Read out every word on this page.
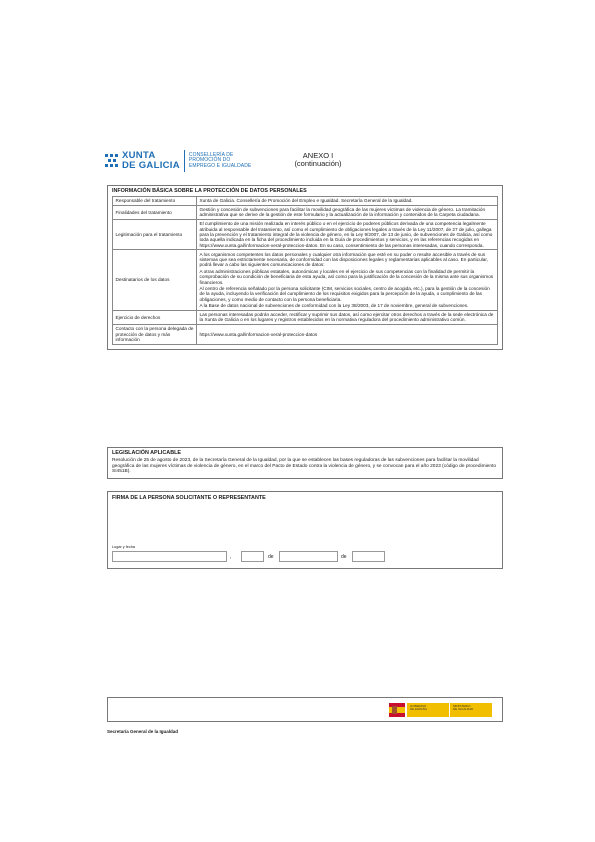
XUNTA
DE GALICIA
CONSELLERÍA DE
PROMOCIÓN DO
EMPREGO E IGUALDADE
ANEXO I
(continuación)
INFORMACIÓN BÁSICA SOBRE LA PROTECCIÓN DE DATOS PERSONALES
Responsable del tratamiento	Xunta de Galicia. Consellería de Promoción del Empleo e Igualdad. Secretaría General de la Igualdad.

Finalidades del tratamiento	Gestión y concesión de subvenciones para facilitar la movilidad geográfica de las mujeres víctimas de violencia de género. La tramitación administrativa que se derive de la gestión de este formulario y la actualización de la información y contenidos de la Carpeta ciudadana.

Legitimación para el tratamiento	El cumplimiento de una misión realizada en interés público o en el ejercicio de poderes públicos derivada de una competencia legalmente atribuida al responsable del tratamiento, así como el cumplimiento de obligaciones legales a través de la Ley 11/2007, de 27 de julio, gallega para la prevención y el tratamiento integral de la violencia de género, en la Ley 9/2007, de 13 de junio, de subvenciones de Galicia, así como toda aquella indicada en la ficha del procedimiento incluida en la Guía de procedimientos y servicios, y en las referencias recogidas en https://www.xunta.gal/informacion-xeral-proteccion-datos. En su caso, consentimiento de las personas interesadas, cuando corresponda.

Destinatarios de los datos	A los organismos competentes los datos personales y cualquier otra información que esté en su poder o resulte accesible a través de sus sistemas que sea estrictamente necesaria, de conformidad con las disposiciones legales y reglamentarias aplicables al caso. En particular, podrá llevar a cabo las siguientes comunicaciones de datos:

A otras administraciones públicas estatales, autonómicas y locales en el ejercicio de sus competencias con la finalidad de permitir la comprobación de su condición de beneficiaria de esta ayuda, así como para la justificación de la concesión de la misma ante sus organismos financieros.

Al centro de referencia señalado por la persona solicitante (CIM, servicios sociales, centro de acogida, etc.), para la gestión de la concesión de la ayuda, incluyendo la verificación del cumplimiento de los requisitos exigidos para la percepción de la ayuda, o cumplimiento de las obligaciones, y como medio de contacto con la persona beneficiaria.

A la Base de datos nacional de subvenciones de conformidad con la Ley 38/2003, de 17 de noviembre, general de subvenciones.

Ejercicio de derechos	Las personas interesadas podrán acceder, rectificar y suprimir sus datos, así como ejercitar otros derechos a través de la sede electrónica de la Xunta de Galicia o en los lugares y registros establecidos en la normativa reguladora del procedimiento administrativo común.

Contacto con la persona delegada de protección de datos y más información	https://www.xunta.gal/informacion-xeral-proteccion-datos

LEGISLACIÓN APLICABLE
Resolución de 25 de agosto de 2023, de la Secretaría General de la Igualdad, por la que se establecen las bases reguladoras de las subvenciones para facilitar la movilidad geográfica de las mujeres víctimas de violencia de género, en el marco del Pacto de Estado contra la violencia de género, y se convocan para el año 2023 (código de procedimiento SI451B).
FIRMA DE LA PERSONA SOLICITANTE O REPRESENTANTE
Lugar y fecha
,	de	de
GOBIERNO
DE ESPAÑA
MINISTERIO
DE IGUALDAD
Secretaría General de la Igualdad
